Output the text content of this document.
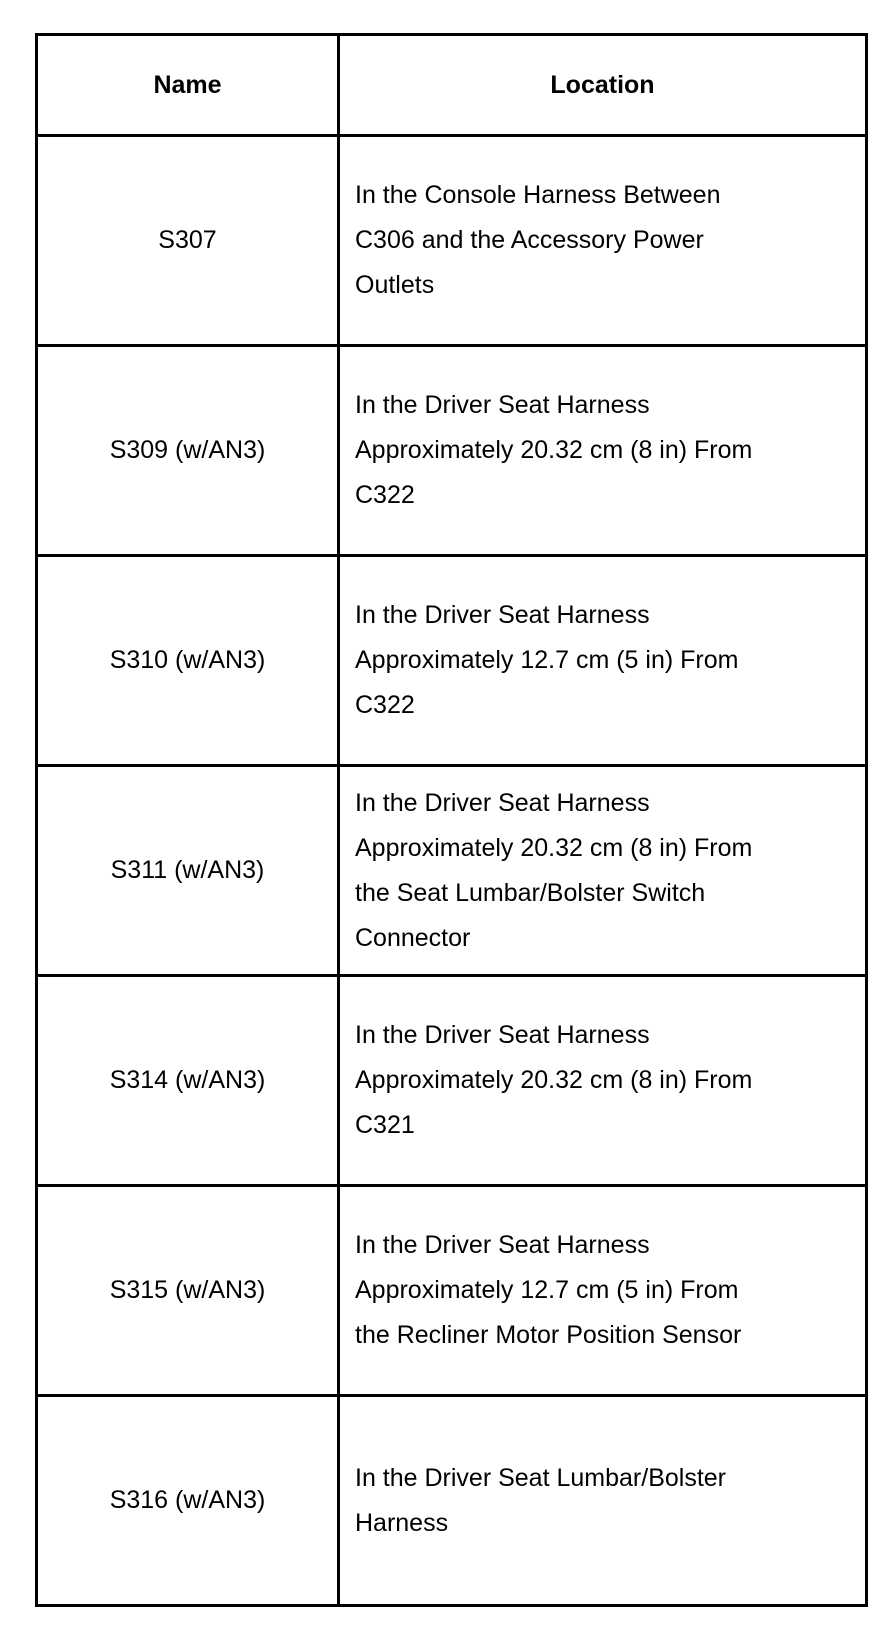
Name	Location
S307	In the Console Harness Between
C306 and the Accessory Power
Outlets

S309 (w/AN3)	In the Driver Seat Harness
Approximately 20.32 cm (8 in) From
C322

S310 (w/AN3)	In the Driver Seat Harness
Approximately 12.7 cm (5 in) From
C322

S311 (w/AN3)	In the Driver Seat Harness
Approximately 20.32 cm (8 in) From
the Seat Lumbar/Bolster Switch
Connector

S314 (w/AN3)	In the Driver Seat Harness
Approximately 20.32 cm (8 in) From
C321

S315 (w/AN3)	In the Driver Seat Harness
Approximately 12.7 cm (5 in) From
the Recliner Motor Position Sensor

S316 (w/AN3)	In the Driver Seat Lumbar/Bolster
Harness
